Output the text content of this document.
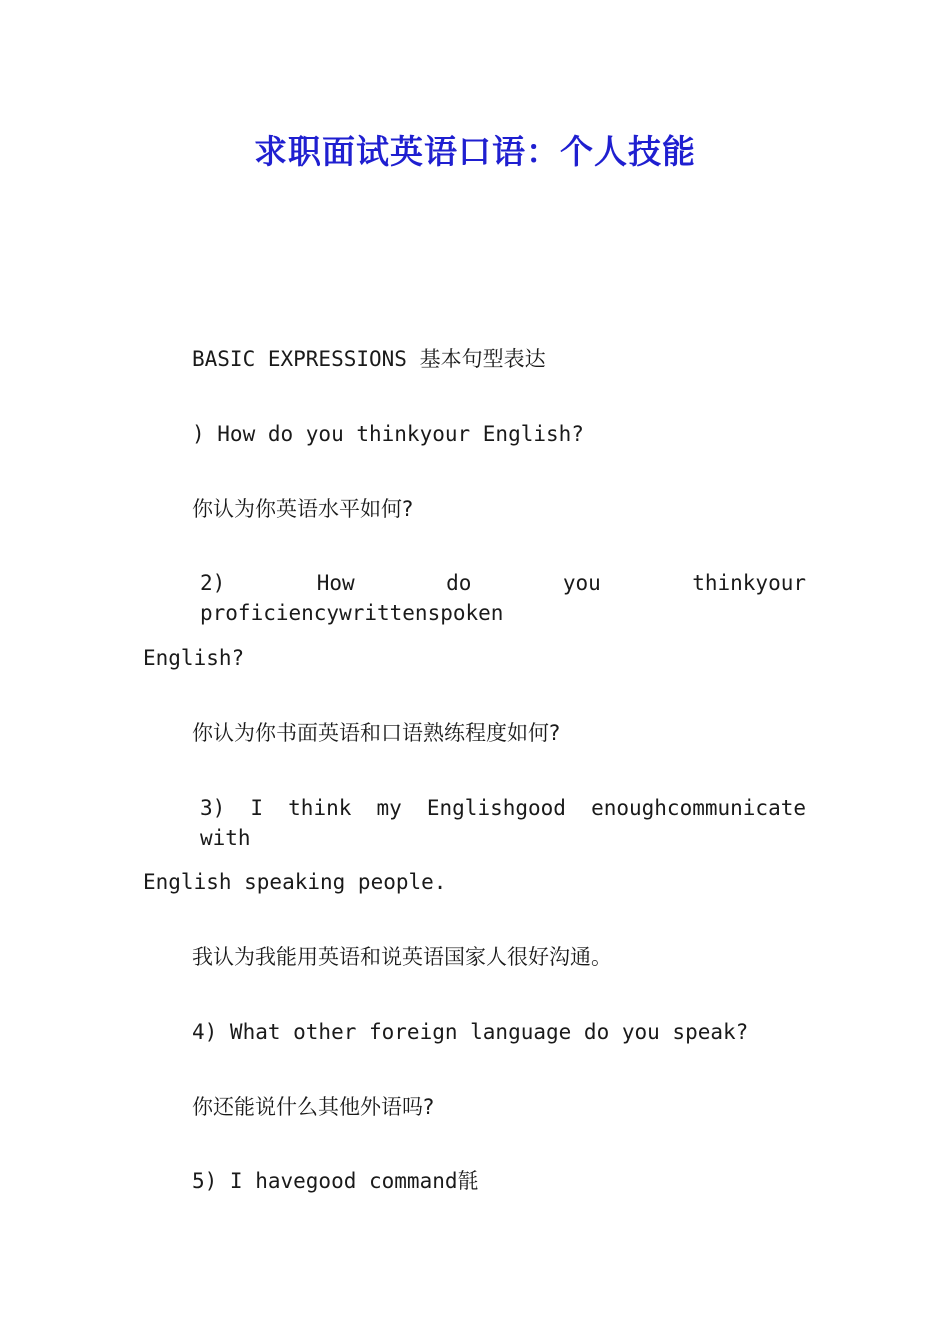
求职面试英语口语：个人技能
BASIC EXPRESSIONS 基本句型表达
) How do you thinkyour English?
你认为你英语水平如何?
2) How do you thinkyour proficiencywrittenspoken
English?
你认为你书面英语和口语熟练程度如何?
3) I think my Englishgood enoughcommunicate with
English speaking people.
我认为我能用英语和说英语国家人很好沟通。
4) What other foreign language do you speak?
你还能说什么其他外语吗?
5) I havegood command毻
